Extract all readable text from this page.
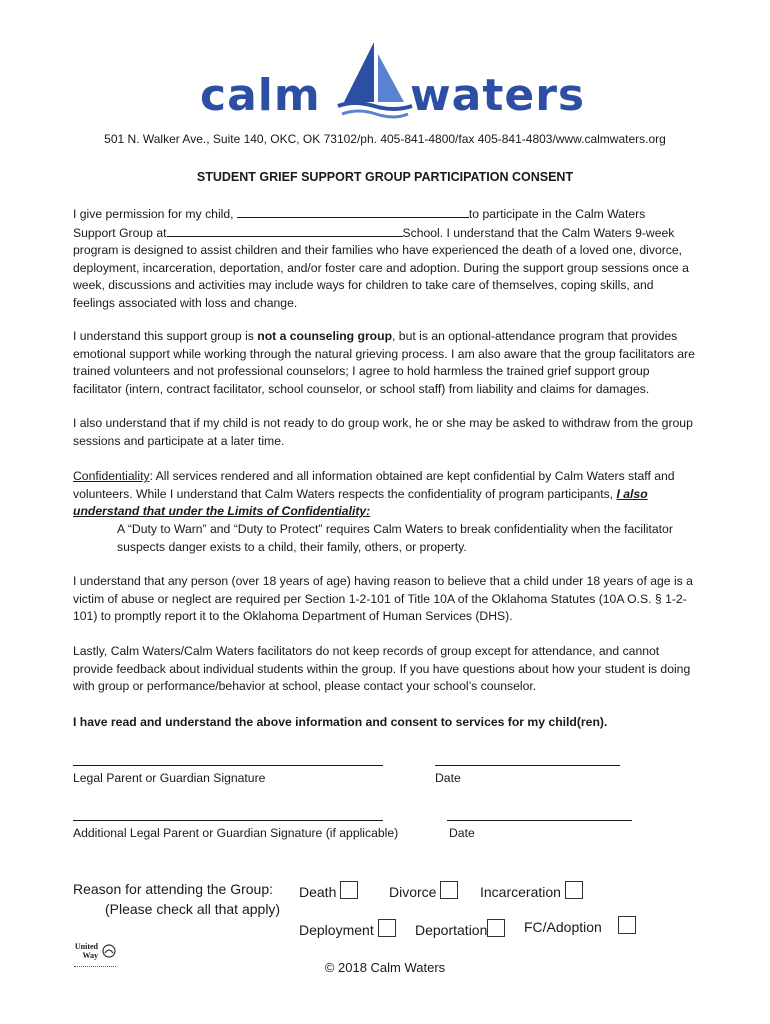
calm waters
501 N. Walker Ave., Suite 140, OKC, OK 73102/ph. 405-841-4800/fax 405-841-4803/www.calmwaters.org
STUDENT GRIEF SUPPORT GROUP PARTICIPATION CONSENT
I give permission for my child,	to participate in the Calm Waters
Support Group at	School. I understand that the Calm Waters 9-week program is designed to assist children and their families who have experienced the death of a loved one, divorce, deployment, incarceration, deportation, and/or foster care and adoption. During the support group sessions once a week, discussions and activities may include ways for children to take care of themselves, coping skills, and feelings associated with loss and change.
I understand this support group is not a counseling group, but is an optional-attendance program that provides emotional support while working through the natural grieving process. I am also aware that the group facilitators are trained volunteers and not professional counselors; I agree to hold harmless the trained grief support group facilitator (intern, contract facilitator, school counselor, or school staff) from liability and claims for damages.
I also understand that if my child is not ready to do group work, he or she may be asked to withdraw from the group sessions and participate at a later time.
Confidentiality: All services rendered and all information obtained are kept confidential by Calm Waters staff and volunteers. While I understand that Calm Waters respects the confidentiality of program participants, I also understand that under the Limits of Confidentiality:
A “Duty to Warn” and “Duty to Protect” requires Calm Waters to break confidentiality when the facilitator suspects danger exists to a child, their family, others, or property.
I understand that any person (over 18 years of age) having reason to believe that a child under 18 years of age is a victim of abuse or neglect are required per Section 1-2-101 of Title 10A of the Oklahoma Statutes (10A O.S. § 1-2-101) to promptly report it to the Oklahoma Department of Human Services (DHS).
Lastly, Calm Waters/Calm Waters facilitators do not keep records of group except for attendance, and cannot provide feedback about individual students within the group. If you have questions about how your student is doing with group or performance/behavior at school, please contact your school’s counselor.
I have read and understand the above information and consent to services for my child(ren).
Legal Parent or Guardian Signature	Date
Additional Legal Parent or Guardian Signature (if applicable)	Date
Reason for attending the Group:
(Please check all that apply)
Death	Divorce	Incarceration
Deployment	Deportation	FC/Adoption
United
Way
© 2018 Calm Waters
